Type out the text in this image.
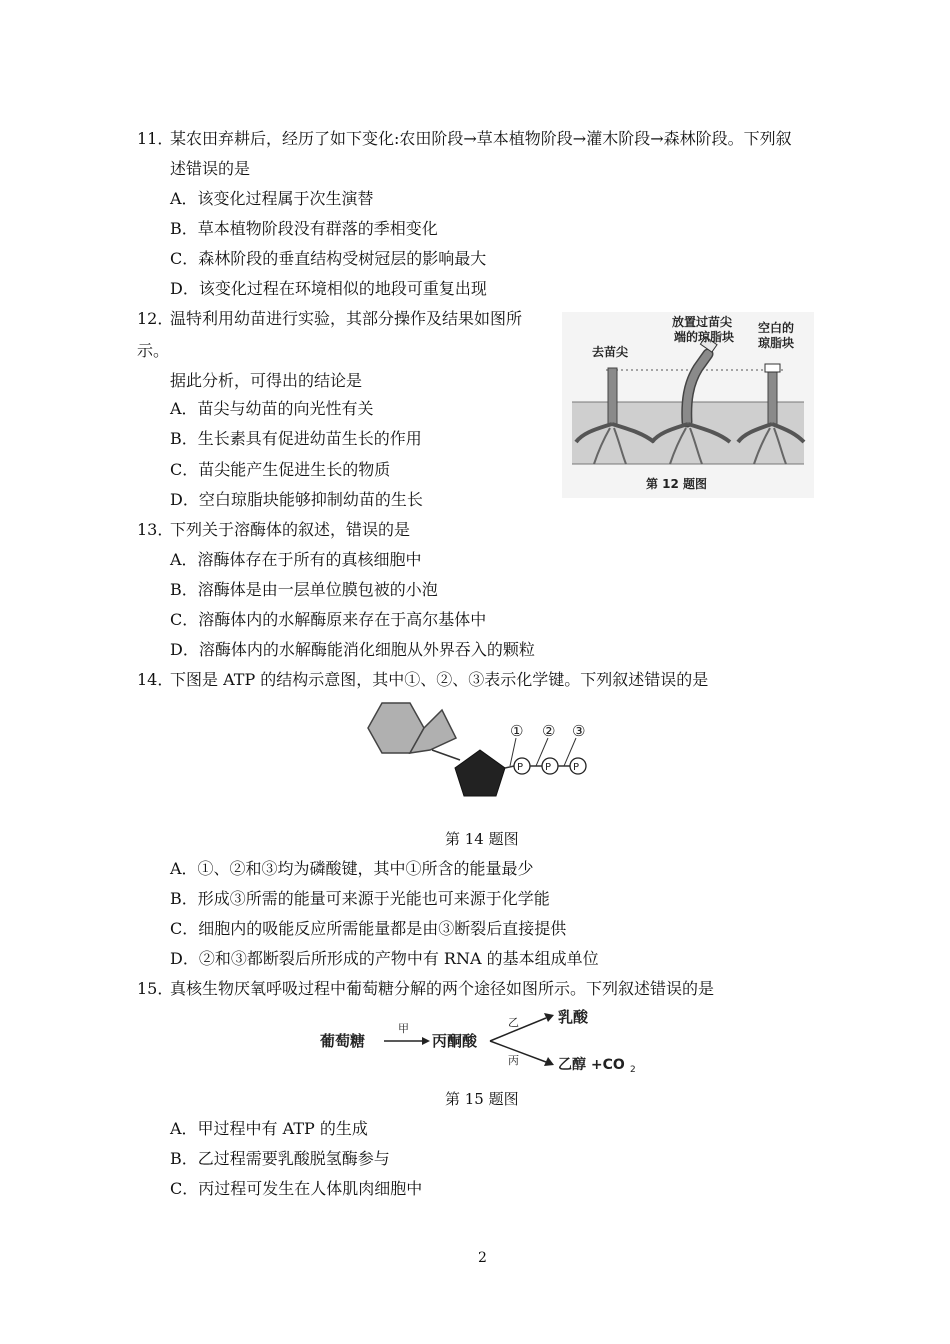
11．
某农田弃耕后，经历了如下变化:农田阶段→草本植物阶段→灌木阶段→森林阶段。下列叙
述错误的是
A．该变化过程属于次生演替
B．草本植物阶段没有群落的季相变化
C．森林阶段的垂直结构受树冠层的影响最大
D．该变化过程在环境相似的地段可重复出现
12．
温特利用幼苗进行实验，其部分操作及结果如图所
示。
据此分析，可得出的结论是
A．苗尖与幼苗的向光性有关
B．生长素具有促进幼苗生长的作用
C．苗尖能产生促进生长的物质
D．空白琼脂块能够抑制幼苗的生长
去苗尖
放置过苗尖
端的琼脂块
空白的
琼脂块
第 12 题图
13．
下列关于溶酶体的叙述，错误的是
A．溶酶体存在于所有的真核细胞中
B．溶酶体是由一层单位膜包被的小泡
C．溶酶体内的水解酶原来存在于高尔基体中
D．溶酶体内的水解酶能消化细胞从外界吞入的颗粒
14．
下图是 ATP 的结构示意图，其中①、②、③表示化学键。下列叙述错误的是
P P P
① ② ③
第 14 题图
A．①、②和③均为磷酸键，其中①所含的能量最少
B．形成③所需的能量可来源于光能也可来源于化学能
C．细胞内的吸能反应所需能量都是由③断裂后直接提供
D．②和③都断裂后所形成的产物中有 RNA 的基本组成单位
15．
真核生物厌氧呼吸过程中葡萄糖分解的两个途径如图所示。下列叙述错误的是
葡萄糖
甲
丙酮酸
乙
丙
乳酸
乙醇 +CO 2
第 15 题图
A．甲过程中有 ATP 的生成
B．乙过程需要乳酸脱氢酶参与
C．丙过程可发生在人体肌肉细胞中
2
